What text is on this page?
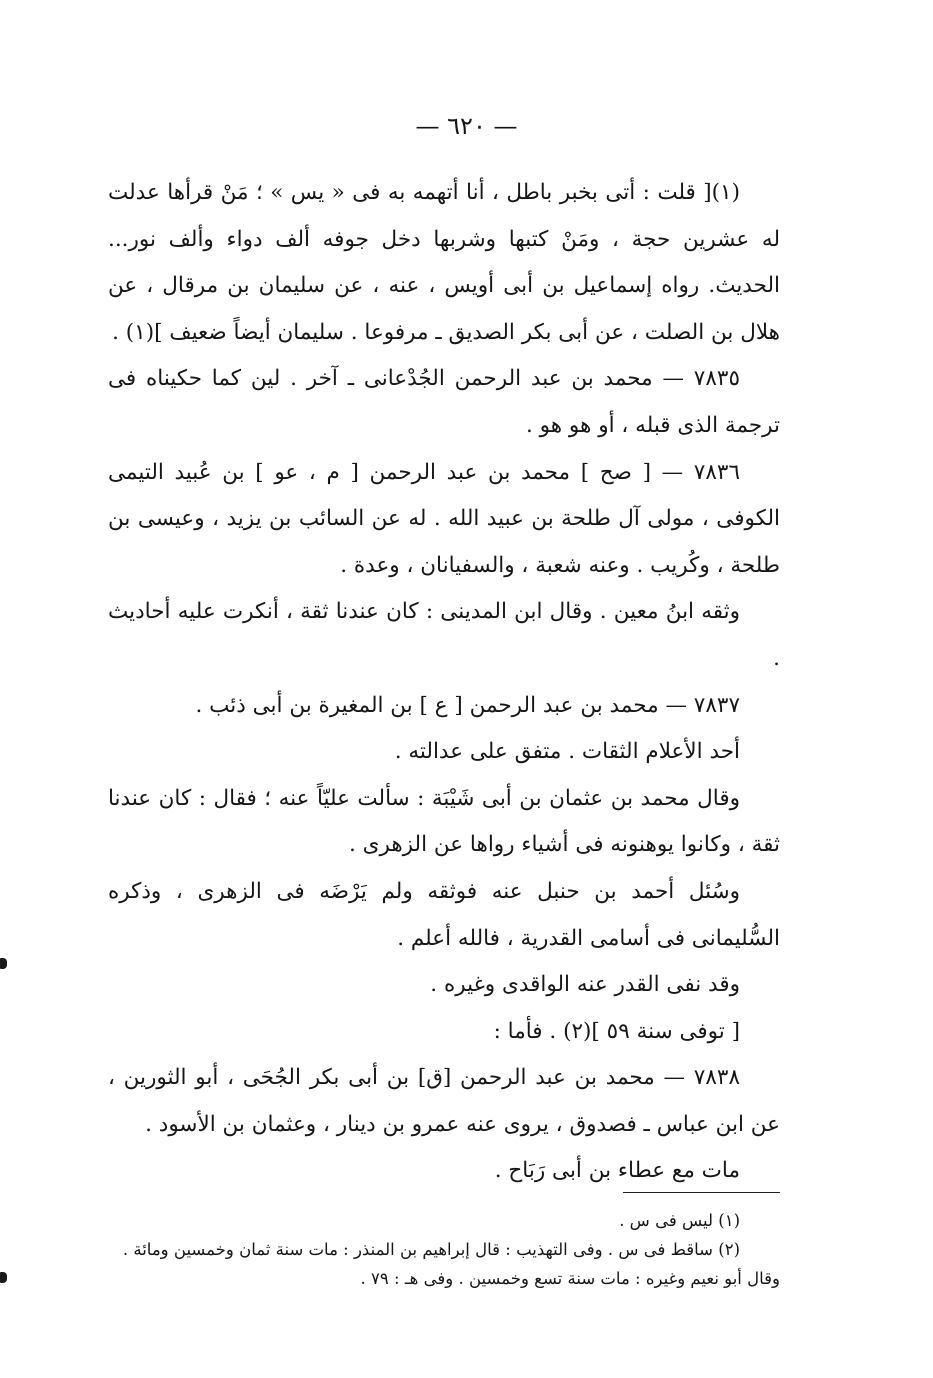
— ٦٢٠ —

(١)[ قلت : أتى بخبر باطل ، أنا أتهمه به فى « يس » ؛ مَنْ قرأها عدلت له عشرين حجة ، ومَنْ كتبها وشربها دخل جوفه ألف دواء وألف نور... الحديث. رواه إسماعيل بن أبى أويس ، عنه ، عن سليمان بن مرقال ، عن هلال بن الصلت ، عن أبى بكر الصديق ـ مرفوعا . سليمان أيضاً ضعيف ](١) .

٧٨٣٥ — محمد بن عبد الرحمن الجُدْعانى ـ آخر . لين كما حكيناه فى ترجمة الذى قبله ، أو هو هو .

٧٨٣٦ — [ صح ] محمد بن عبد الرحمن [ م ، عو ] بن عُبيد التيمى الكوفى ، مولى آل طلحة بن عبيد الله . له عن السائب بن يزيد ، وعيسى بن طلحة ، وكُريب . وعنه شعبة ، والسفيانان ، وعدة .

وثقه ابنُ معين . وقال ابن المدينى : كان عندنا ثقة ، أنكرت عليه أحاديث .

٧٨٣٧ — محمد بن عبد الرحمن [ ع ] بن المغيرة بن أبى ذئب .

أحد الأعلام الثقات . متفق على عدالته .

وقال محمد بن عثمان بن أبى شَيْبَة : سألت عليّاً عنه ؛ فقال : كان عندنا ثقة ، وكانوا يوهنونه فى أشياء رواها عن الزهرى .

وسُئل أحمد بن حنبل عنه فوثقه ولم يَرْضَه فى الزهرى ، وذكره السُّليمانى فى أسامى القدرية ، فالله أعلم .

وقد نفى القدر عنه الواقدى وغيره .

[ توفى سنة ٥٩ ](٢) . فأما :

٧٨٣٨ — محمد بن عبد الرحمن [ق] بن أبى بكر الجُحَى ، أبو الثورين ، عن ابن عباس ـ فصدوق ، يروى عنه عمرو بن دينار ، وعثمان بن الأسود .

مات مع عطاء بن أبى رَبَاح .

(١) ليس فى س .

(٢) ساقط فى س . وفى التهذيب : قال إبراهيم بن المنذر : مات سنة ثمان وخمسين ومائة .

وقال أبو نعيم وغيره : مات سنة تسع وخمسين . وفى هـ : ٧٩ .
